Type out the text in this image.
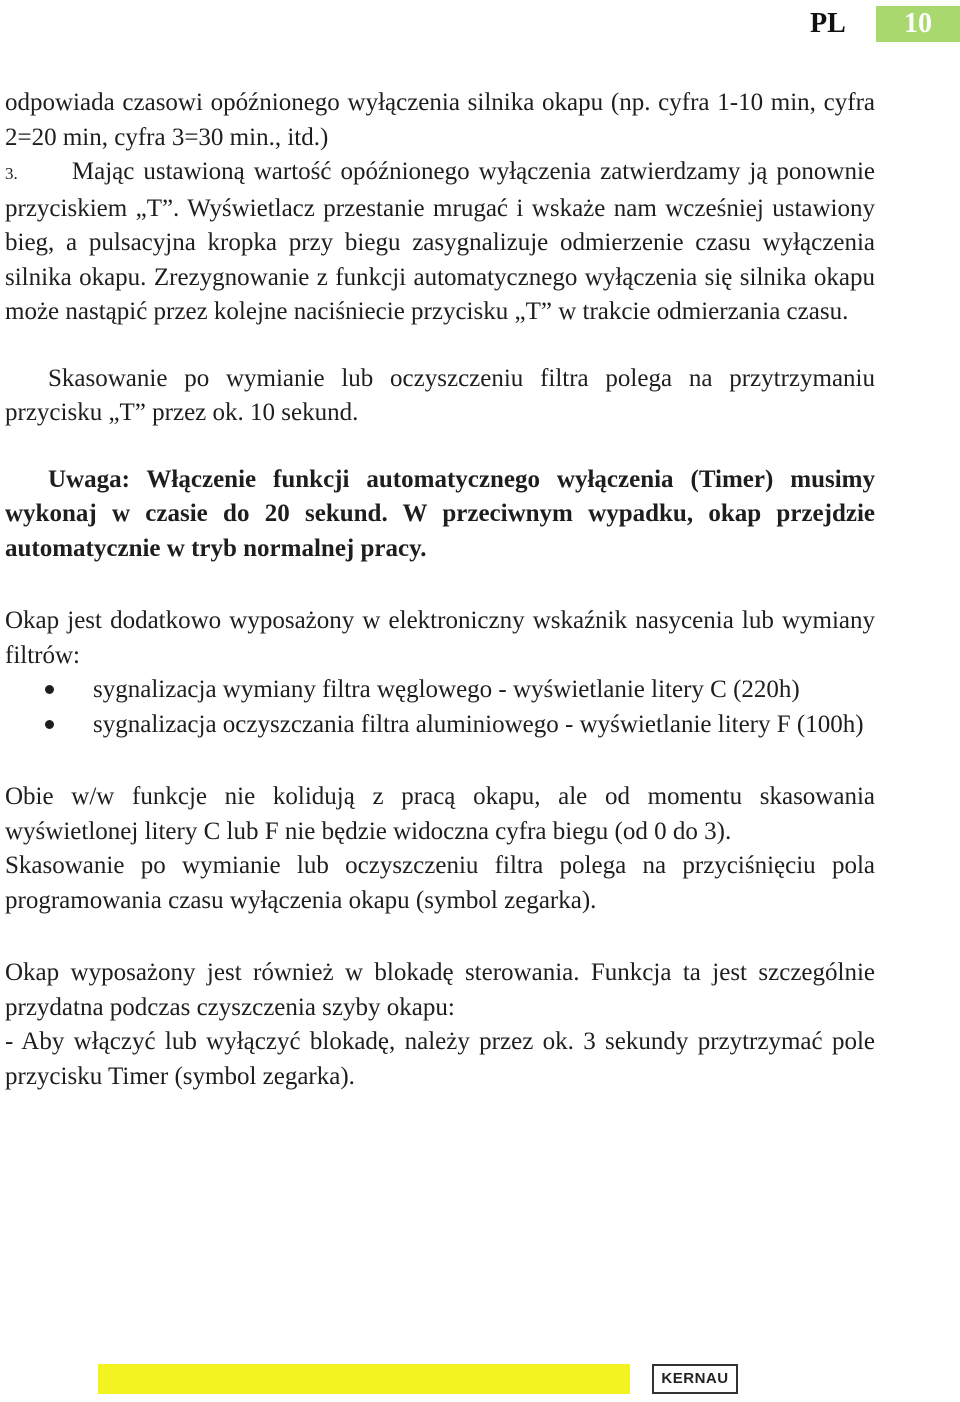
PL	10

odpowiada czasowi opóźnionego wyłączenia silnika okapu (np. cyfra 1-10 min, cyfra 2=20 min, cyfra 3=30 min., itd.)

3. Mając ustawioną wartość opóźnionego wyłączenia zatwierdzamy ją ponownie przyciskiem „T”. Wyświetlacz przestanie mrugać i wskaże nam wcześniej ustawiony bieg, a pulsacyjna kropka przy biegu zasygnalizuje odmierzenie czasu wyłączenia silnika okapu. Zrezygnowanie z funkcji automatycznego wyłączenia się silnika okapu może nastąpić przez kolejne naciśniecie przycisku „T” w trakcie odmierzania czasu.

Skasowanie po wymianie lub oczyszczeniu filtra polega na przytrzymaniu przycisku „T” przez ok. 10 sekund.

Uwaga: Włączenie funkcji automatycznego wyłączenia (Timer) musimy wykonaj w czasie do 20 sekund. W przeciwnym wypadku, okap przejdzie automatycznie w tryb normalnej pracy.

Okap jest dodatkowo wyposażony w elektroniczny wskaźnik nasycenia lub wymiany filtrów:

sygnalizacja wymiany filtra węglowego - wyświetlanie litery C (220h)
sygnalizacja oczyszczania filtra aluminiowego - wyświetlanie litery F (100h)

Obie w/w funkcje nie kolidują z pracą okapu, ale od momentu skasowania wyświetlonej litery C lub F nie będzie widoczna cyfra biegu (od 0 do 3).

Skasowanie po wymianie lub oczyszczeniu filtra polega na przyciśnięciu pola programowania czasu wyłączenia okapu (symbol zegarka).

Okap wyposażony jest również w blokadę sterowania. Funkcja ta jest szczególnie przydatna podczas czyszczenia szyby okapu:

- Aby włączyć lub wyłączyć blokadę, należy przez ok. 3 sekundy przytrzymać pole przycisku Timer (symbol zegarka).

KERNAU
